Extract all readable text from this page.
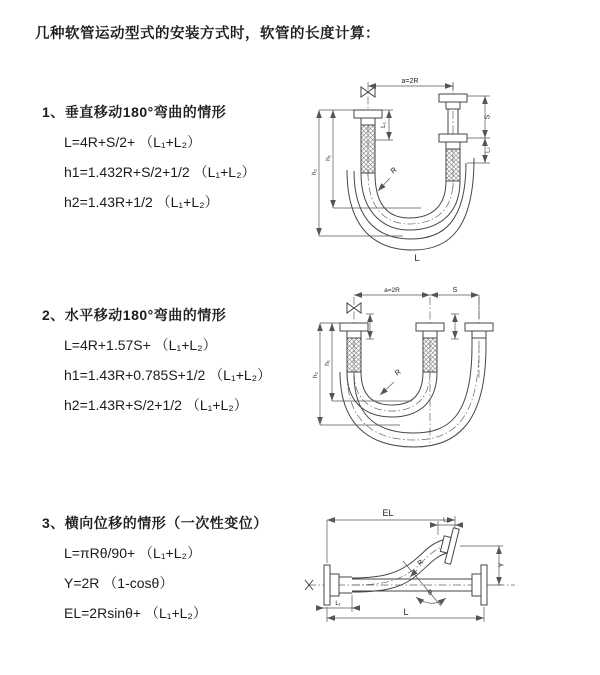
几种软管运动型式的安装方式时，软管的长度计算：
1、垂直移动180°弯曲的情形
L=4R+S/2+ （L₁+L₂）
h1=1.432R+S/2+1/2 （L₁+L₂）
h2=1.43R+1/2 （L₁+L₂）
2、水平移动180°弯曲的情形
L=4R+1.57S+ （L₁+L₂）
h1=1.43R+0.785S+1/2 （L₁+L₂）
h2=1.43R+S/2+1/2 （L₁+L₂）
3、横向位移的情形（一次性变位）
L=πRθ/90+ （L₁+L₂）
Y=2R （1-cosθ）
EL=2Rsinθ+ （L₁+L₂）
a=2R
L₁
S
L₂
h₁
h₂	R
L
a=2R	S
h₁
h₂	R
EL
L₂
Y
θ
R
L
L₁
